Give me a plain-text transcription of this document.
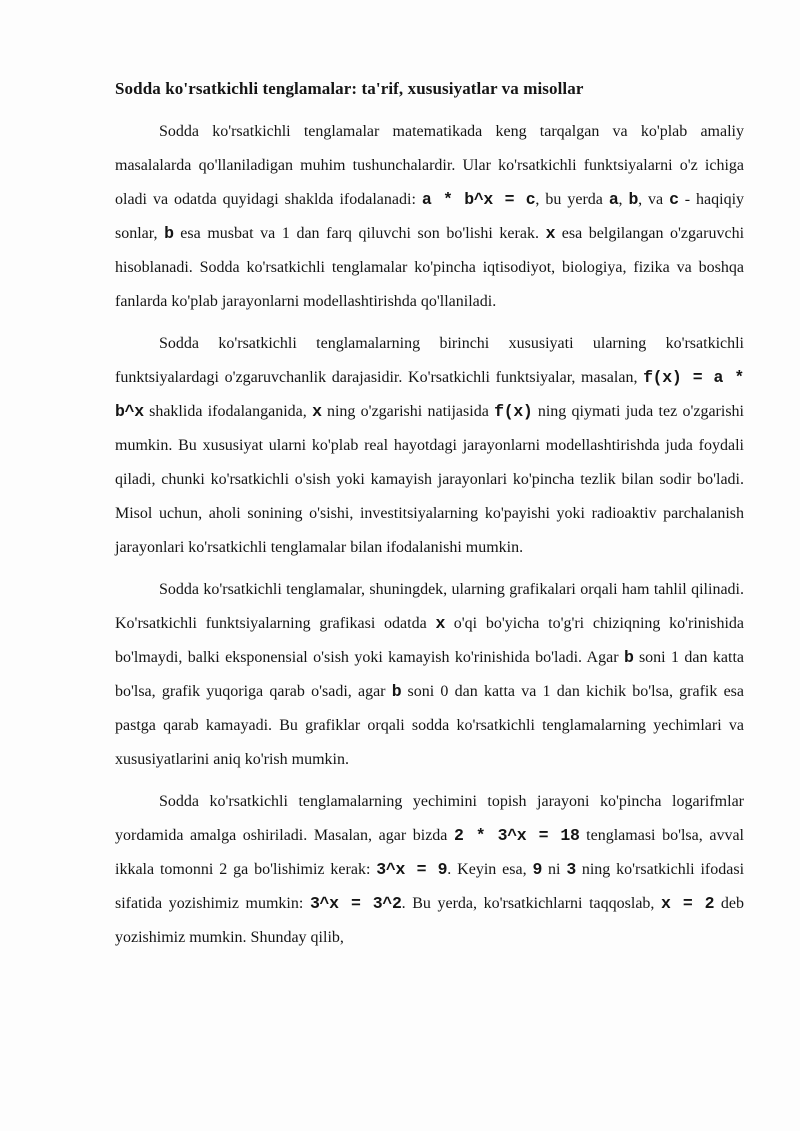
Sodda ko'rsatkichli tenglamalar: ta'rif, xususiyatlar va misollar

Sodda ko'rsatkichli tenglamalar matematikada keng tarqalgan va ko'plab amaliy masalalarda qo'llaniladigan muhim tushunchalardir. Ular ko'rsatkichli funktsiyalarni o'z ichiga oladi va odatda quyidagi shaklda ifodalanadi: a * b^x = c, bu yerda a, b, va c - haqiqiy sonlar, b esa musbat va 1 dan farq qiluvchi son bo'lishi kerak. x esa belgilangan o'zgaruvchi hisoblanadi. Sodda ko'rsatkichli tenglamalar ko'pincha iqtisodiyot, biologiya, fizika va boshqa fanlarda ko'plab jarayonlarni modellashtirishda qo'llaniladi.

Sodda ko'rsatkichli tenglamalarning birinchi xususiyati ularning ko'rsatkichli funktsiyalardagi o'zgaruvchanlik darajasidir. Ko'rsatkichli funktsiyalar, masalan, f(x) = a * b^x shaklida ifodalanganida, x ning o'zgarishi natijasida f(x) ning qiymati juda tez o'zgarishi mumkin. Bu xususiyat ularni ko'plab real hayotdagi jarayonlarni modellashtirishda juda foydali qiladi, chunki ko'rsatkichli o'sish yoki kamayish jarayonlari ko'pincha tezlik bilan sodir bo'ladi. Misol uchun, aholi sonining o'sishi, investitsiyalarning ko'payishi yoki radioaktiv parchalanish jarayonlari ko'rsatkichli tenglamalar bilan ifodalanishi mumkin.

Sodda ko'rsatkichli tenglamalar, shuningdek, ularning grafikalari orqali ham tahlil qilinadi. Ko'rsatkichli funktsiyalarning grafikasi odatda x o'qi bo'yicha to'g'ri chiziqning ko'rinishida bo'lmaydi, balki eksponensial o'sish yoki kamayish ko'rinishida bo'ladi. Agar b soni 1 dan katta bo'lsa, grafik yuqoriga qarab o'sadi, agar b soni 0 dan katta va 1 dan kichik bo'lsa, grafik esa pastga qarab kamayadi. Bu grafiklar orqali sodda ko'rsatkichli tenglamalarning yechimlari va xususiyatlarini aniq ko'rish mumkin.

Sodda ko'rsatkichli tenglamalarning yechimini topish jarayoni ko'pincha logarifmlar yordamida amalga oshiriladi. Masalan, agar bizda 2 * 3^x = 18 tenglamasi bo'lsa, avval ikkala tomonni 2 ga bo'lishimiz kerak: 3^x = 9. Keyin esa, 9 ni 3 ning ko'rsatkichli ifodasi sifatida yozishimiz mumkin: 3^x = 3^2. Bu yerda, ko'rsatkichlarni taqqoslab, x = 2 deb yozishimiz mumkin. Shunday qilib,
